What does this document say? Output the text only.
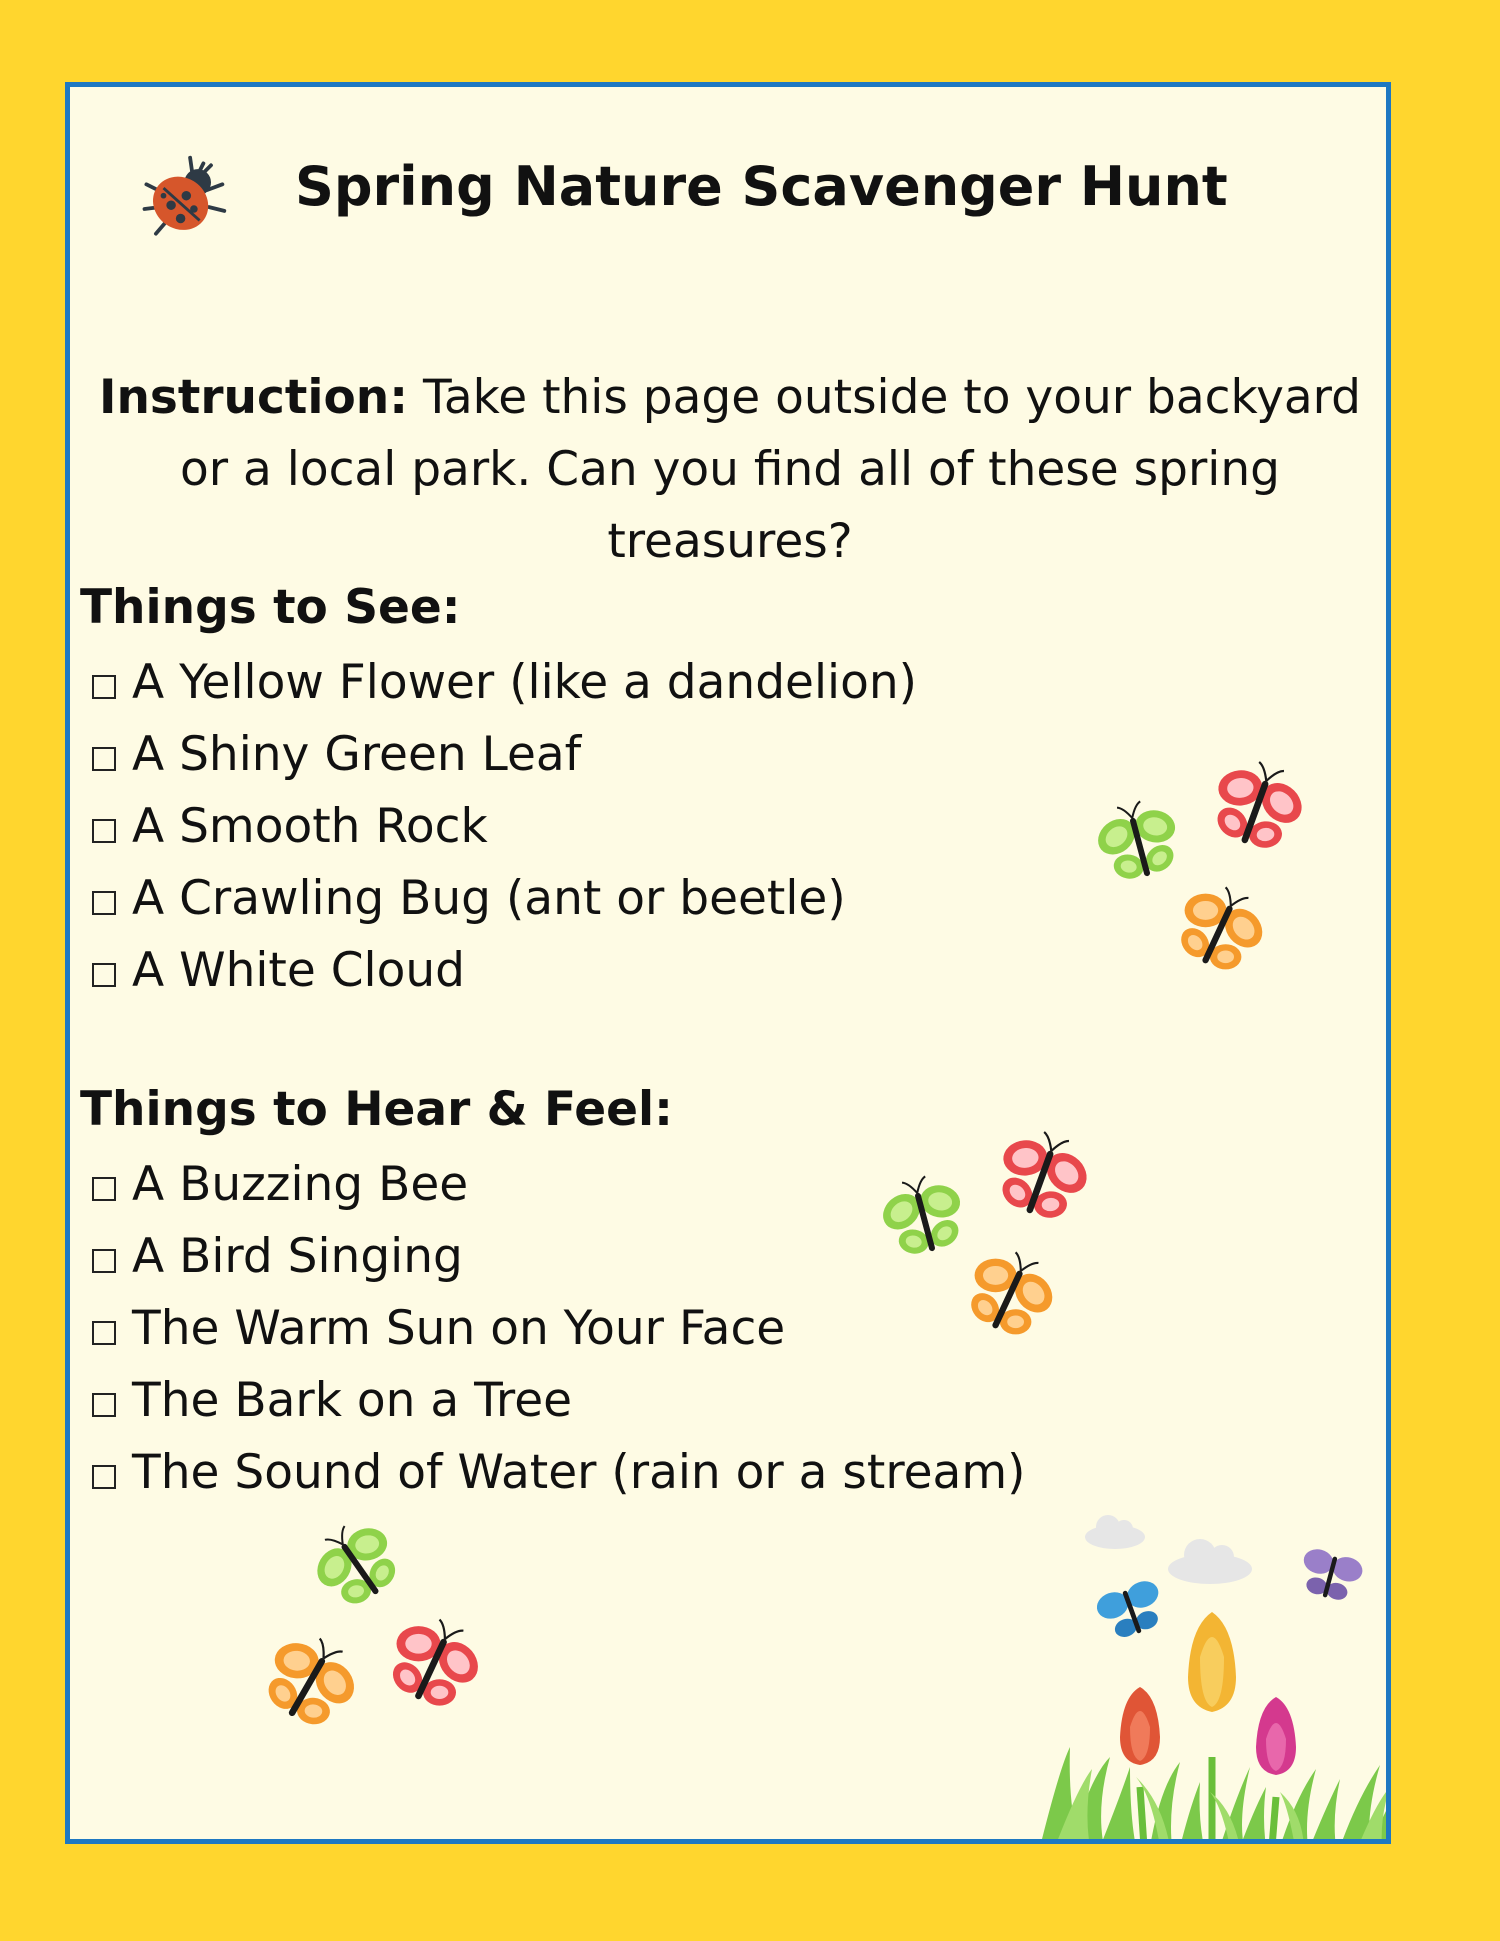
Spring Nature Scavenger Hunt

Instruction: Take this page outside to your backyard or a local park. Can you find all of these spring treasures?

Things to See:
A Yellow Flower (like a dandelion)
A Shiny Green Leaf
A Smooth Rock
A Crawling Bug (ant or beetle)
A White Cloud
Things to Hear & Feel:
A Buzzing Bee
A Bird Singing
The Warm Sun on Your Face
The Bark on a Tree
The Sound of Water (rain or a stream)
